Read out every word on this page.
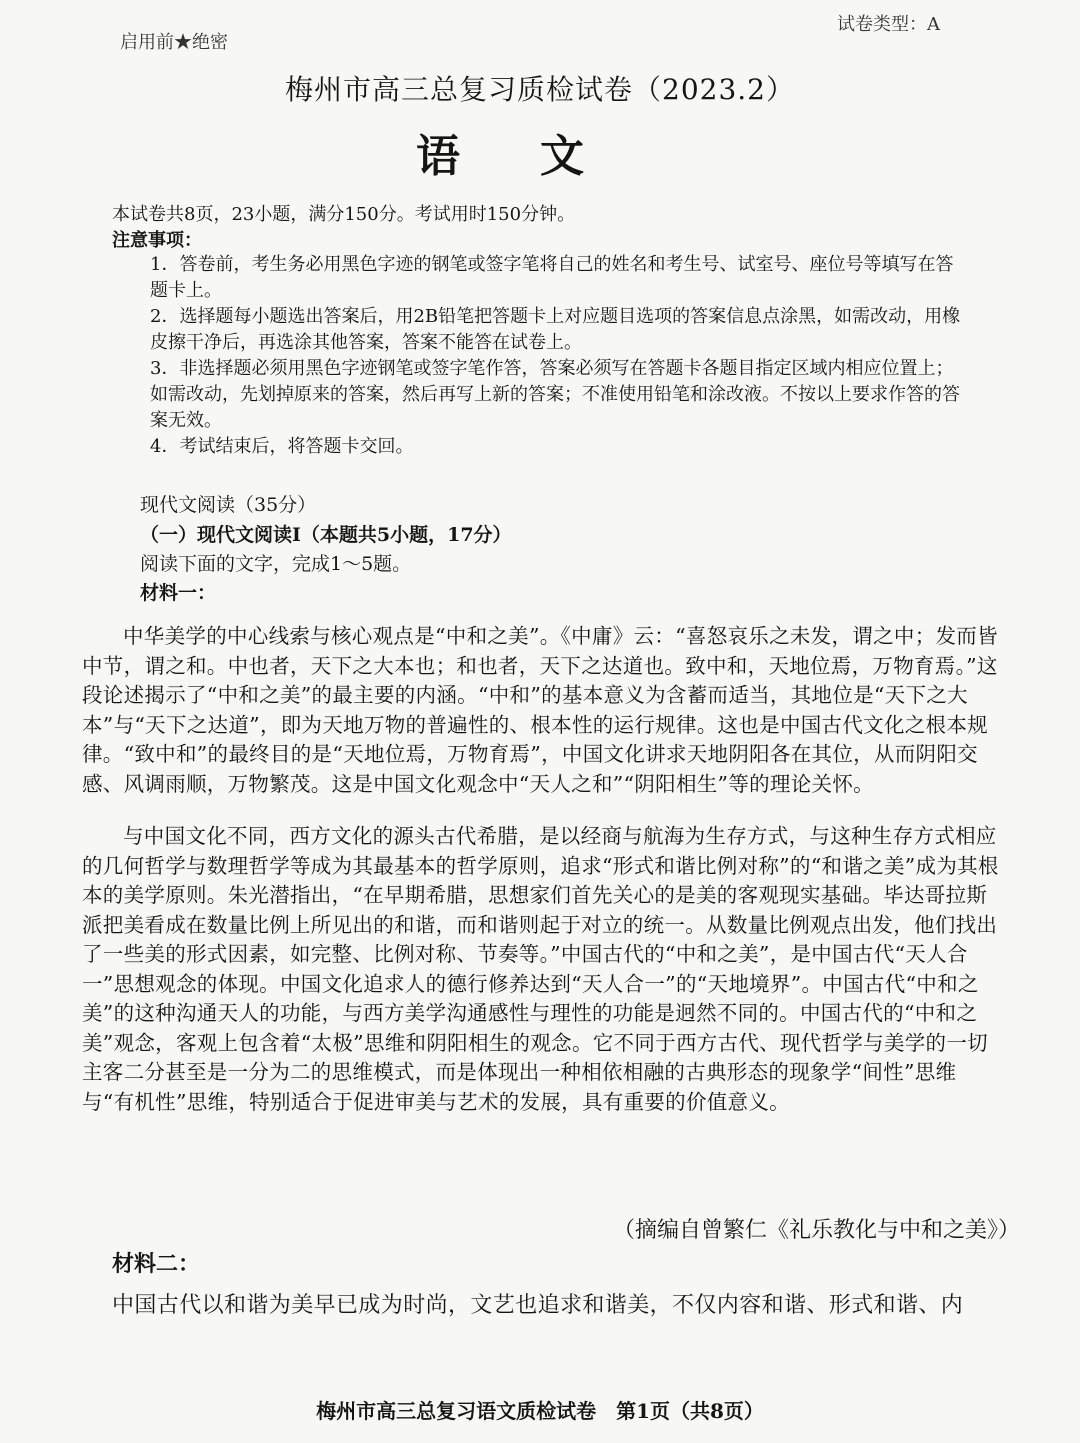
启用前★绝密
试卷类型：A
梅州市高三总复习质检试卷（2023.2）
语文
本试卷共8页，23小题，满分150分。考试用时150分钟。
注意事项：
1．答卷前，考生务必用黑色字迹的钢笔或签字笔将自己的姓名和考生号、试室号、座位号等填写在答题卡上。
2．选择题每小题选出答案后，用2B铅笔把答题卡上对应题目选项的答案信息点涂黑，如需改动，用橡皮擦干净后，再选涂其他答案，答案不能答在试卷上。
3．非选择题必须用黑色字迹钢笔或签字笔作答，答案必须写在答题卡各题目指定区域内相应位置上；如需改动，先划掉原来的答案，然后再写上新的答案；不准使用铅笔和涂改液。不按以上要求作答的答案无效。
4．考试结束后，将答题卡交回。
现代文阅读（35分）
（一）现代文阅读Ⅰ（本题共5小题，17分）
阅读下面的文字，完成1～5题。
材料一：
中华美学的中心线索与核心观点是“中和之美”。《中庸》云：“喜怒哀乐之未发，谓之中；发而皆中节，谓之和。中也者，天下之大本也；和也者，天下之达道也。致中和，天地位焉，万物育焉。”这段论述揭示了“中和之美”的最主要的内涵。“中和”的基本意义为含蓄而适当，其地位是“天下之大本”与“天下之达道”，即为天地万物的普遍性的、根本性的运行规律。这也是中国古代文化之根本规律。“致中和”的最终目的是“天地位焉，万物育焉”，中国文化讲求天地阴阳各在其位，从而阴阳交感、风调雨顺，万物繁茂。这是中国文化观念中“天人之和”“阴阳相生”等的理论关怀。
与中国文化不同，西方文化的源头古代希腊，是以经商与航海为生存方式，与这种生存方式相应的几何哲学与数理哲学等成为其最基本的哲学原则，追求“形式和谐比例对称”的“和谐之美”成为其根本的美学原则。朱光潜指出，“在早期希腊，思想家们首先关心的是美的客观现实基础。毕达哥拉斯派把美看成在数量比例上所见出的和谐，而和谐则起于对立的统一。从数量比例观点出发，他们找出了一些美的形式因素，如完整、比例对称、节奏等。”中国古代的“中和之美”，是中国古代“天人合一”思想观念的体现。中国文化追求人的德行修养达到“天人合一”的“天地境界”。中国古代“中和之美”的这种沟通天人的功能，与西方美学沟通感性与理性的功能是迥然不同的。中国古代的“中和之美”观念，客观上包含着“太极”思维和阴阳相生的观念。它不同于西方古代、现代哲学与美学的一切主客二分甚至是一分为二的思维模式，而是体现出一种相依相融的古典形态的现象学“间性”思维与“有机性”思维，特别适合于促进审美与艺术的发展，具有重要的价值意义。
（摘编自曾繁仁《礼乐教化与中和之美》）
材料二：
中国古代以和谐为美早已成为时尚，文艺也追求和谐美，不仅内容和谐、形式和谐、内
梅州市高三总复习语文质检试卷　第1页（共8页）
